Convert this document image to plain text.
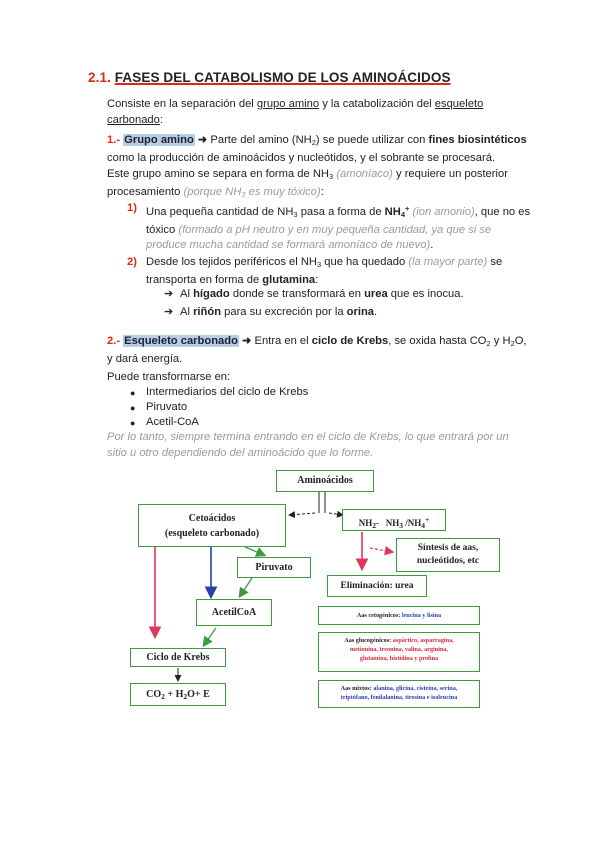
2.1. FASES DEL CATABOLISMO DE LOS AMINOÁCIDOS
Consiste en la separación del grupo amino y la catabolización del esqueleto
carbonado:
1.- Grupo amino ➜ Parte del amino $(NH_2)$ se puede utilizar con fines biosintéticos
como la producción de aminoácidos y nucleótidos, y el sobrante se procesará.
Este grupo amino se separa en forma de $NH_3$ (amoníaco) y requiere un posterior
procesamiento (porque $NH_3$ es muy tóxico):
1) Una pequeña cantidad de $NH_3$ pasa a forma de $NH_4^+$ (ion amonio), que no es
tóxico (formado a pH neutro y en muy pequeña cantidad, ya que si se
produce mucha cantidad se formará amoníaco de nuevo).
2) Desde los tejidos periféricos el $NH_3$ que ha quedado (la mayor parte) se
transporta en forma de glutamina:
➔ Al hígado donde se transformará en urea que es inocua.
➔ Al riñón para su excreción por la orina.
2.- Esqueleto carbonado ➜ Entra en el ciclo de Krebs, se oxida hasta $CO_2$ y $H_2O$,
y dará energía.
Puede transformarse en:
● Intermediarios del ciclo de Krebs
● Piruvato
● Acetil-CoA
Por lo tanto, siempre termina entrando en el ciclo de Krebs, lo que entrará por un
sitio u otro dependiendo del aminoácido que lo forme.
Aminoácidos
Cetoácidos
(esqueleto carbonado)
$NH_2-$ $NH_3$ $/NH_4^+$
Síntesis de aas,
nucleótidos, etc
Piruvato
Eliminación: urea
AcetilCoA	Aas cetogénicos: leucina y lisina
Aas glucogénicos: aspártico, asparragina,
metionina, treonina, valina, arginina,
glutamina, histidina y prolina
Ciclo de Krebs
Aas mixtos: alanina, glicina, cisteína, serina,
triptófano, fenilalanina, tirosina e isoleucina
$CO_2 + H_2O+ E$
